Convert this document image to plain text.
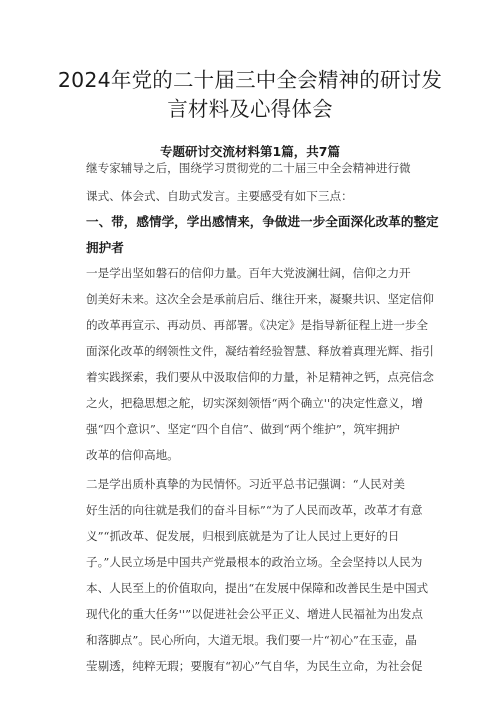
2024年党的二十届三中全会精神的研讨发
言材料及心得体会
专题研讨交流材料第1篇，共7篇
继专家辅导之后，围绕学习贯彻党的二十届三中全会精神进行微
课式、体会式、自助式发言。主要感受有如下三点：
一、带，感情学，学出感情来，争做进一步全面深化改革的整定
拥护者
一是学出坚如磐石的信仰力量。百年大党波澜壮阔，信仰之力开
创美好未来。这次全会是承前启后、继往开来，凝聚共识、坚定信仰
的改革再宣示、再动员、再部署。《决定》是指导新征程上进一步全
面深化改革的纲领性文件，凝结着经验智慧、释放着真理光辉、指引
着实践探索，我们要从中汲取信仰的力量，补足精神之钙，点亮信念
之火，把稳思想之舵，切实深刻领悟“两个确立''的决定性意义，增
强“四个意识”、坚定“四个自信”、做到“两个维护”，筑牢拥护
改革的信仰高地。
二是学出质朴真挚的为民情怀。习近平总书记强调：“人民对美
好生活的向往就是我们的奋斗目标”“为了人民而改革，改革才有意
义”“抓改革、促发展，归根到底就是为了让人民过上更好的日
子。”人民立场是中国共产党最根本的政治立场。全会坚持以人民为
本、人民至上的价值取向，提出“在发展中保障和改善民生是中国式
现代化的重大任务''”以促进社会公平正义、增进人民福祉为出发点
和落脚点”。民心所向，大道无垠。我们要一片“初心”在玉壶，晶
莹剔透，纯粹无瑕；要腹有“初心”气自华，为民生立命，为社会促
